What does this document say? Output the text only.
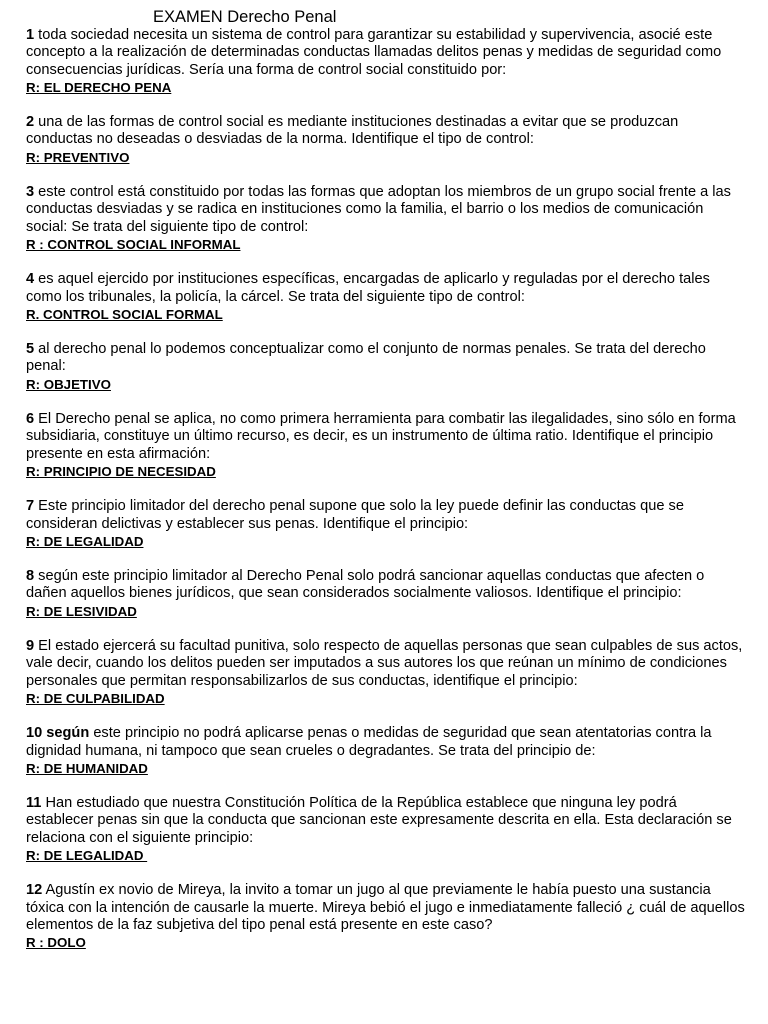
EXAMEN Derecho Penal

1 toda sociedad necesita un sistema de control para garantizar su estabilidad y supervivencia, asocié este concepto a la realización de determinadas conductas llamadas delitos penas y medidas de seguridad como consecuencias jurídicas. Sería una forma de control social constituido por:

R: EL DERECHO PENA

2 una de las formas de control social es mediante instituciones destinadas a evitar que se produzcan conductas no deseadas o desviadas de la norma. Identifique el tipo de control:

R: PREVENTIVO

3 este control está constituido por todas las formas que adoptan los miembros de un grupo social frente a las conductas desviadas y se radica en instituciones como la familia, el barrio o los medios de comunicación social: Se trata del siguiente tipo de control:

R : CONTROL SOCIAL INFORMAL

4 es aquel ejercido por instituciones específicas, encargadas de aplicarlo y reguladas por el derecho tales como los tribunales, la policía, la cárcel. Se trata del siguiente tipo de control:

R. CONTROL SOCIAL FORMAL

5 al derecho penal lo podemos conceptualizar como el conjunto de normas penales. Se trata del derecho penal:

R: OBJETIVO

6 El Derecho penal se aplica, no como primera herramienta para combatir las ilegalidades, sino sólo en forma subsidiaria, constituye un último recurso, es decir, es un instrumento de última ratio. Identifique el principio presente en esta afirmación:

R: PRINCIPIO DE NECESIDAD

7 Este principio limitador del derecho penal supone que solo la ley puede definir las conductas que se consideran delictivas y establecer sus penas. Identifique el principio:

R: DE LEGALIDAD

8 según este principio limitador al Derecho Penal solo podrá sancionar aquellas conductas que afecten o dañen aquellos bienes jurídicos, que sean considerados socialmente valiosos. Identifique el principio:

R: DE LESIVIDAD

9 El estado ejercerá su facultad punitiva, solo respecto de aquellas personas que sean culpables de sus actos, vale decir, cuando los delitos pueden ser imputados a sus autores los que reúnan un mínimo de condiciones personales que permitan responsabilizarlos de sus conductas, identifique el principio:

R: DE CULPABILIDAD

10 según este principio no podrá aplicarse penas o medidas de seguridad que sean atentatorias contra la dignidad humana, ni tampoco que sean crueles o degradantes. Se trata del principio de:

R: DE HUMANIDAD

11 Han estudiado que nuestra Constitución Política de la República establece que ninguna ley podrá establecer penas sin que la conducta que sancionan este expresamente descrita en ella. Esta declaración se relaciona con el siguiente principio:

R: DE LEGALIDAD

12 Agustín ex novio de Mireya, la invito a tomar un jugo al que previamente le había puesto una sustancia tóxica con la intención de causarle la muerte. Mireya bebió el jugo e inmediatamente falleció ¿ cuál de aquellos elementos de la faz subjetiva del tipo penal está presente en este caso?

R : DOLO
